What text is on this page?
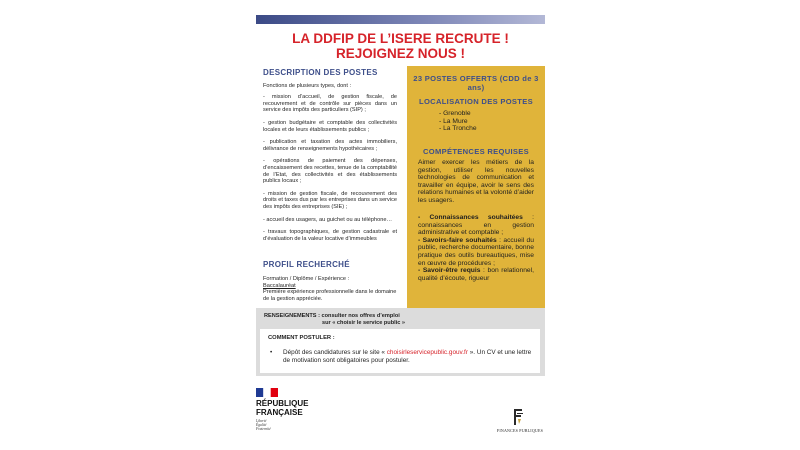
LA DDFIP DE L’ISERE RECRUTE !
REJOIGNEZ NOUS !
DESCRIPTION DES POSTES
Fonctions de plusieurs types, dont :
- mission d’accueil, de gestion fiscale, de recouvrement et de contrôle sur pièces dans un service des impôts des particuliers (SIP) ;
- gestion budgétaire et comptable des collectivités locales et de leurs établissements publics ;
- publication et taxation des actes immobiliers, délivrance de renseignements hypothécaires ;
- opérations de paiement des dépenses, d’encaissement des recettes, tenue de la comptabilité de l’Etat, des collectivités et des établissements publics locaux ;
- mission de gestion fiscale, de recouvrement des droits et taxes dus par les entreprises dans un service des impôts des entreprises (SIE) ;
- accueil des usagers, au guichet ou au téléphone…
- travaux topographiques, de gestion cadastrale et d’évaluation de la valeur locative d’immeubles
PROFIL RECHERCHÉ
Formation / Diplôme / Expérience :
Baccalauréat
Première expérience professionnelle dans le domaine de la gestion appréciée.
23 POSTES OFFERTS (CDD de 3 ans)
LOCALISATION DES POSTES
- Grenoble
- La Mure
- La Tronche
COMPÉTENCES REQUISES
Aimer exercer les métiers de la gestion, utiliser les nouvelles technologies de communication et travailler en équipe, avoir le sens des relations humaines et la volonté d’aider les usagers.
- Connaissances souhaitées : connaissances en gestion administrative et comptable ;
- Savoirs-faire souhaités : accueil du public, recherche documentaire, bonne pratique des outils bureautiques, mise en œuvre de procédures ;
- Savoir-être requis : bon relationnel, qualité d’écoute, rigueur
RENSEIGNEMENTS : consulter nos offres d’emploi
sur « choisir le service public »
COMMENT POSTULER :
•	Dépôt des candidatures sur le site « choisirleservicepublic.gouv.fr ». Un CV et une lettre de motivation sont obligatoires pour postuler.
RÉPUBLIQUE
FRANÇAISE
Liberté
Égalité
Fraternité	FINANCES PUBLIQUES
